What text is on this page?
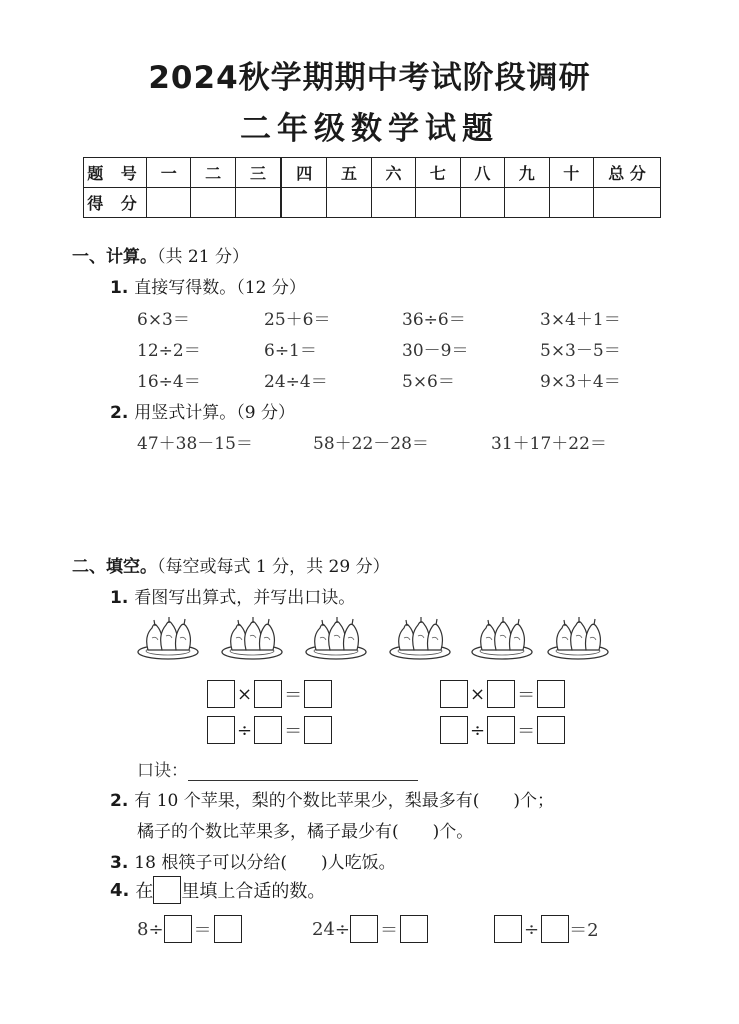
2024秋学期期中考试阶段调研
二年级数学试题
题 号	一	二	三	四	五	六	七	八	九	十	总 分
得 分											
一、计算。（共 21 分）
1. 直接写得数。（12 分）
6×3＝	25＋6＝	36÷6＝	3×4＋1＝
12÷2＝	6÷1＝	30－9＝	5×3－5＝
16÷4＝	24÷4＝	5×6＝	9×3＋4＝
2. 用竖式计算。（9 分）
47＋38－15＝	58＋22－28＝	31＋17＋22＝
二、填空。（每空或每式 1 分，共 29 分）
1. 看图写出算式，并写出口诀。
× ＝
÷ ＝
× ＝
÷ ＝
口诀：
2. 有 10 个苹果，梨的个数比苹果少，梨最多有(　　)个；
橘子的个数比苹果多，橘子最少有(　　)个。
3. 18 根筷子可以分给(　　)人吃饭。
4. 在 里填上合适的数。
8÷ ＝	24÷ ＝	÷ ＝2
